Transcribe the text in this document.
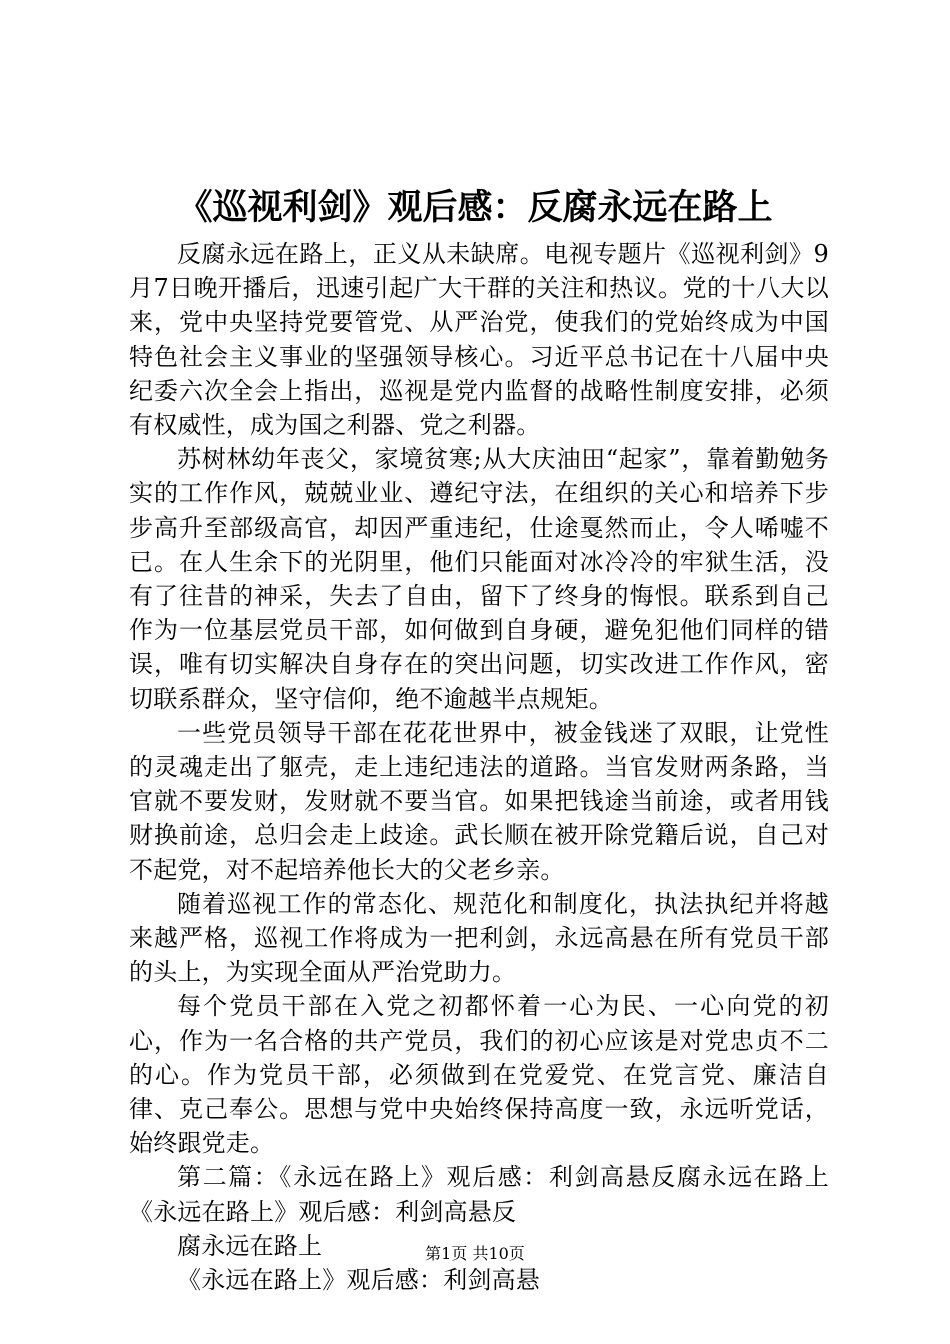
《巡视利剑》观后感：反腐永远在路上

反腐永远在路上，正义从未缺席。电视专题片《巡视利剑》9月7日晚开播后，迅速引起广大干群的关注和热议。党的十八大以来，党中央坚持党要管党、从严治党，使我们的党始终成为中国特色社会主义事业的坚强领导核心。习近平总书记在十八届中央纪委六次全会上指出，巡视是党内监督的战略性制度安排，必须有权威性，成为国之利器、党之利器。

苏树林幼年丧父，家境贫寒;从大庆油田“起家”，靠着勤勉务实的工作作风，兢兢业业、遵纪守法，在组织的关心和培养下步步高升至部级高官，却因严重违纪，仕途戛然而止，令人唏嘘不已。在人生余下的光阴里，他们只能面对冰冷冷的牢狱生活，没有了往昔的神采，失去了自由，留下了终身的悔恨。联系到自己作为一位基层党员干部，如何做到自身硬，避免犯他们同样的错误，唯有切实解决自身存在的突出问题，切实改进工作作风，密切联系群众，坚守信仰，绝不逾越半点规矩。

一些党员领导干部在花花世界中，被金钱迷了双眼，让党性的灵魂走出了躯壳，走上违纪违法的道路。当官发财两条路，当官就不要发财，发财就不要当官。如果把钱途当前途，或者用钱财换前途，总归会走上歧途。武长顺在被开除党籍后说，自己对不起党，对不起培养他长大的父老乡亲。

随着巡视工作的常态化、规范化和制度化，执法执纪并将越来越严格，巡视工作将成为一把利剑，永远高悬在所有党员干部的头上，为实现全面从严治党助力。

每个党员干部在入党之初都怀着一心为民、一心向党的初心，作为一名合格的共产党员，我们的初心应该是对党忠贞不二的心。作为党员干部，必须做到在党爱党、在党言党、廉洁自律、克己奉公。思想与党中央始终保持高度一致，永远听党话，始终跟党走。

第二篇：《永远在路上》观后感：利剑高悬反腐永远在路上《永远在路上》观后感：利剑高悬反

腐永远在路上

《永远在路上》观后感：利剑高悬

第1页 共10页
